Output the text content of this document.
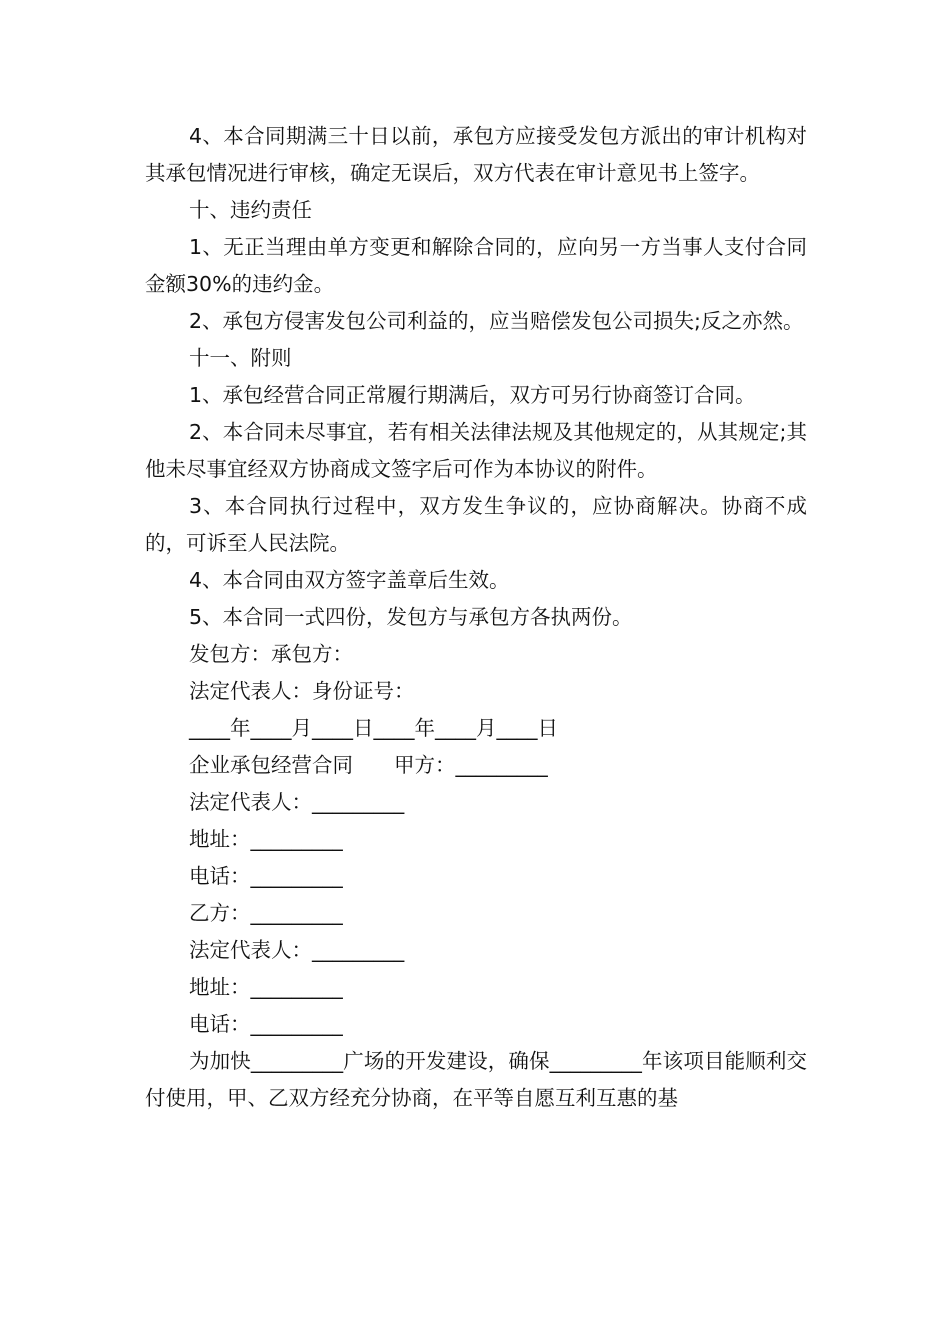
4、本合同期满三十日以前，承包方应接受发包方派出的审计机构对其承包情况进行审核，确定无误后，双方代表在审计意见书上签字。

十、违约责任

1、无正当理由单方变更和解除合同的，应向另一方当事人支付合同金额30%的违约金。

2、承包方侵害发包公司利益的，应当赔偿发包公司损失;反之亦然。

十一、附则

1、承包经营合同正常履行期满后，双方可另行协商签订合同。

2、本合同未尽事宜，若有相关法律法规及其他规定的，从其规定;其他未尽事宜经双方协商成文签字后可作为本协议的附件。

3、本合同执行过程中，双方发生争议的，应协商解决。协商不成的，可诉至人民法院。

4、本合同由双方签字盖章后生效。

5、本合同一式四份，发包方与承包方各执两份。

发包方：承包方：

法定代表人：身份证号：

____年____月____日____年____月____日

企业承包经营合同　　甲方：_________

法定代表人：_________

地址：_________

电话：_________

乙方：_________

法定代表人：_________

地址：_________

电话：_________

为加快_________广场的开发建设，确保_________年该项目能顺利交付使用，甲、乙双方经充分协商，在平等自愿互利互惠的基
